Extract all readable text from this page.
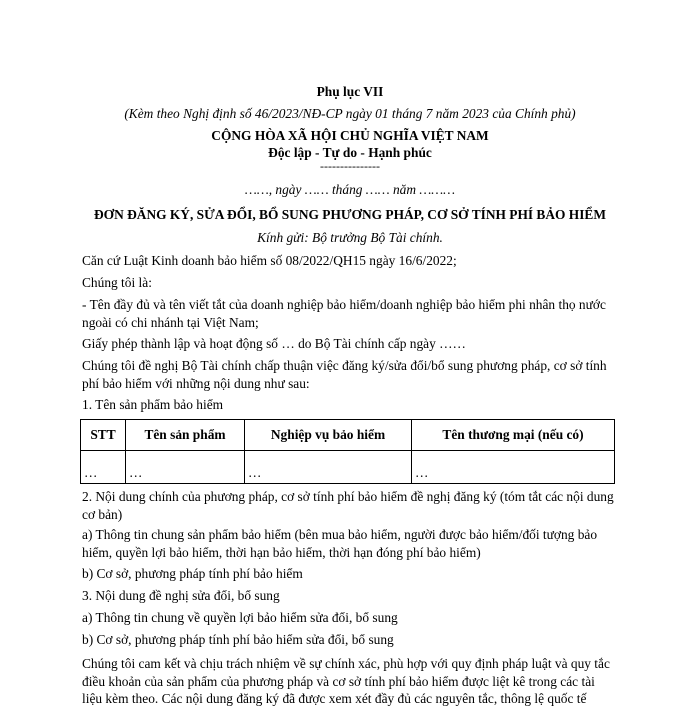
Phụ lục VII
(Kèm theo Nghị định số 46/2023/NĐ-CP ngày 01 tháng 7 năm 2023 của Chính phủ)
CỘNG HÒA XÃ HỘI CHỦ NGHĨA VIỆT NAM
Độc lập - Tự do - Hạnh phúc
---------------
……, ngày …… tháng …… năm ………
ĐƠN ĐĂNG KÝ, SỬA ĐỔI, BỔ SUNG PHƯƠNG PHÁP, CƠ SỞ TÍNH PHÍ BẢO HIỂM
Kính gửi: Bộ trưởng Bộ Tài chính.

Căn cứ Luật Kinh doanh bảo hiểm số 08/2022/QH15 ngày 16/6/2022;

Chúng tôi là:

- Tên đầy đủ và tên viết tắt của doanh nghiệp bảo hiểm/doanh nghiệp bảo hiểm phi nhân thọ nước ngoài có chi nhánh tại Việt Nam;

Giấy phép thành lập và hoạt động số … do Bộ Tài chính cấp ngày ……

Chúng tôi đề nghị Bộ Tài chính chấp thuận việc đăng ký/sửa đổi/bổ sung phương pháp, cơ sở tính phí bảo hiểm với những nội dung như sau:

1. Tên sản phẩm bảo hiểm

STT	Tên sản phẩm	Nghiệp vụ bảo hiểm	Tên thương mại (nếu có)
…	…	…	…

2. Nội dung chính của phương pháp, cơ sở tính phí bảo hiểm đề nghị đăng ký (tóm tắt các nội dung cơ bản)

a) Thông tin chung sản phẩm bảo hiểm (bên mua bảo hiểm, người được bảo hiểm/đối tượng bảo hiểm, quyền lợi bảo hiểm, thời hạn bảo hiểm, thời hạn đóng phí bảo hiểm)

b) Cơ sở, phương pháp tính phí bảo hiểm

3. Nội dung đề nghị sửa đổi, bổ sung

a) Thông tin chung về quyền lợi bảo hiểm sửa đổi, bổ sung

b) Cơ sở, phương pháp tính phí bảo hiểm sửa đổi, bổ sung

Chúng tôi cam kết và chịu trách nhiệm về sự chính xác, phù hợp với quy định pháp luật và quy tắc điều khoản của sản phẩm của phương pháp và cơ sở tính phí bảo hiểm được liệt kê trong các tài liệu kèm theo. Các nội dung đăng ký đã được xem xét đầy đủ các nguyên tắc, thông lệ quốc tế
